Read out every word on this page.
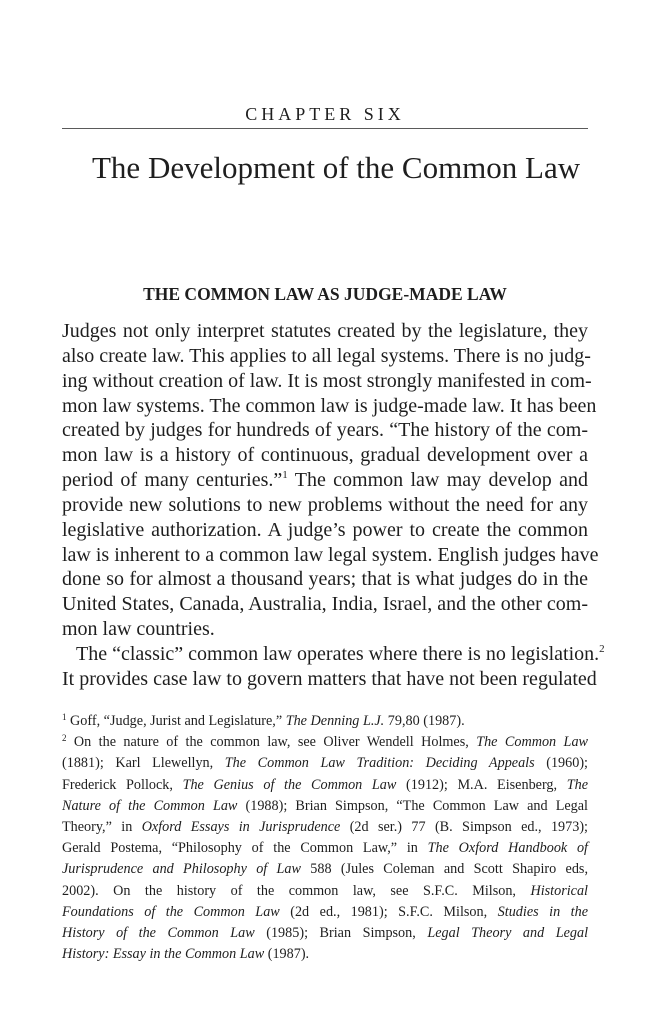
CHAPTER SIX
The Development of the Common Law
THE COMMON LAW AS JUDGE-MADE LAW
Judges not only interpret statutes created by the legislature, they
also create law. This applies to all legal systems. There is no judg-
ing without creation of law. It is most strongly manifested in com-
mon law systems. The common law is judge-made law. It has been
created by judges for hundreds of years. “The history of the com-
mon law is a history of continuous, gradual development over a
period of many centuries.”$^1$ The common law may develop and
provide new solutions to new problems without the need for any
legislative authorization. A judge’s power to create the common
law is inherent to a common law legal system. English judges have
done so for almost a thousand years; that is what judges do in the
United States, Canada, Australia, India, Israel, and the other com-
mon law countries.
The “classic” common law operates where there is no legislation.$^2$
It provides case law to govern matters that have not been regulated
$^1$ Goff, “Judge, Jurist and Legislature,” The Denning L.J. 79,80 (1987).
$^2$ On the nature of the common law, see Oliver Wendell Holmes, The Common Law
(1881); Karl Llewellyn, The Common Law Tradition: Deciding Appeals (1960);
Frederick Pollock, The Genius of the Common Law (1912); M.A. Eisenberg, The
Nature of the Common Law (1988); Brian Simpson, “The Common Law and Legal
Theory,” in Oxford Essays in Jurisprudence (2d ser.) 77 (B. Simpson ed., 1973);
Gerald Postema, “Philosophy of the Common Law,” in The Oxford Handbook of
Jurisprudence and Philosophy of Law 588 (Jules Coleman and Scott Shapiro eds,
2002). On the history of the common law, see S.F.C. Milson, Historical
Foundations of the Common Law (2d ed., 1981); S.F.C. Milson, Studies in the
History of the Common Law (1985); Brian Simpson, Legal Theory and Legal
History: Essay in the Common Law (1987).
